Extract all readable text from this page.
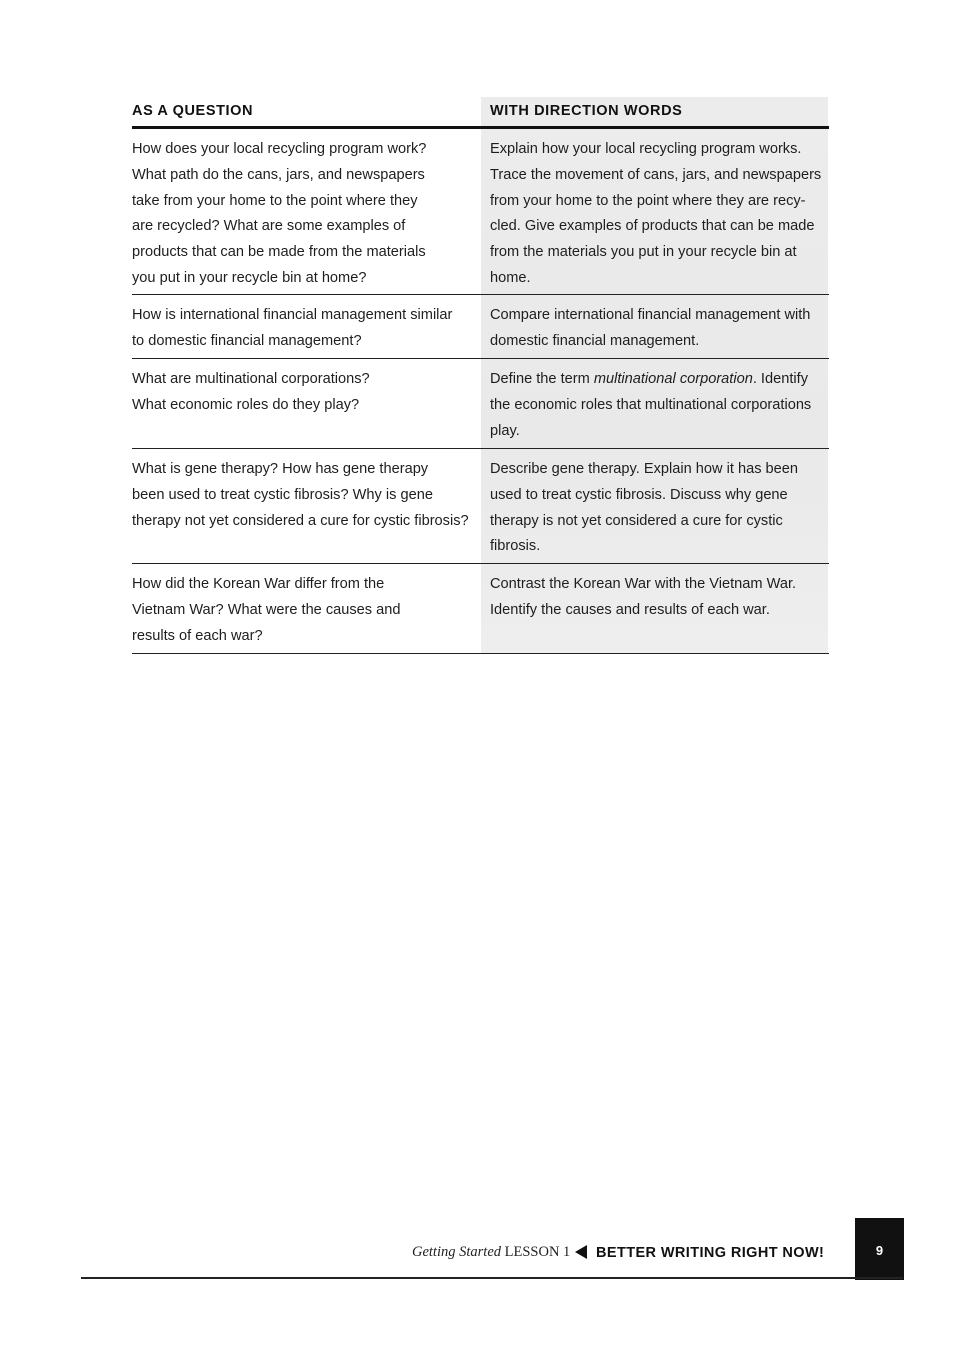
AS A QUESTION	WITH DIRECTION WORDS
How does your local recycling program work?
What path do the cans, jars, and newspapers
take from your home to the point where they
are recycled? What are some examples of
products that can be made from the materials
you put in your recycle bin at home?
Explain how your local recycling program works.
Trace the movement of cans, jars, and newspapers
from your home to the point where they are recy-
cled. Give examples of products that can be made
from the materials you put in your recycle bin at
home.
How is international financial management similar
to domestic financial management?
Compare international financial management with
domestic financial management.
What are multinational corporations?
What economic roles do they play?
Define the term multinational corporation. Identify
the economic roles that multinational corporations
play.
What is gene therapy? How has gene therapy
been used to treat cystic fibrosis? Why is gene
therapy not yet considered a cure for cystic fibrosis?
Describe gene therapy. Explain how it has been
used to treat cystic fibrosis. Discuss why gene
therapy is not yet considered a cure for cystic
fibrosis.
How did the Korean War differ from the
Vietnam War? What were the causes and
results of each war?
Contrast the Korean War with the Vietnam War.
Identify the causes and results of each war.
Getting Started LESSON 1 BETTER WRITING RIGHT NOW!	9
